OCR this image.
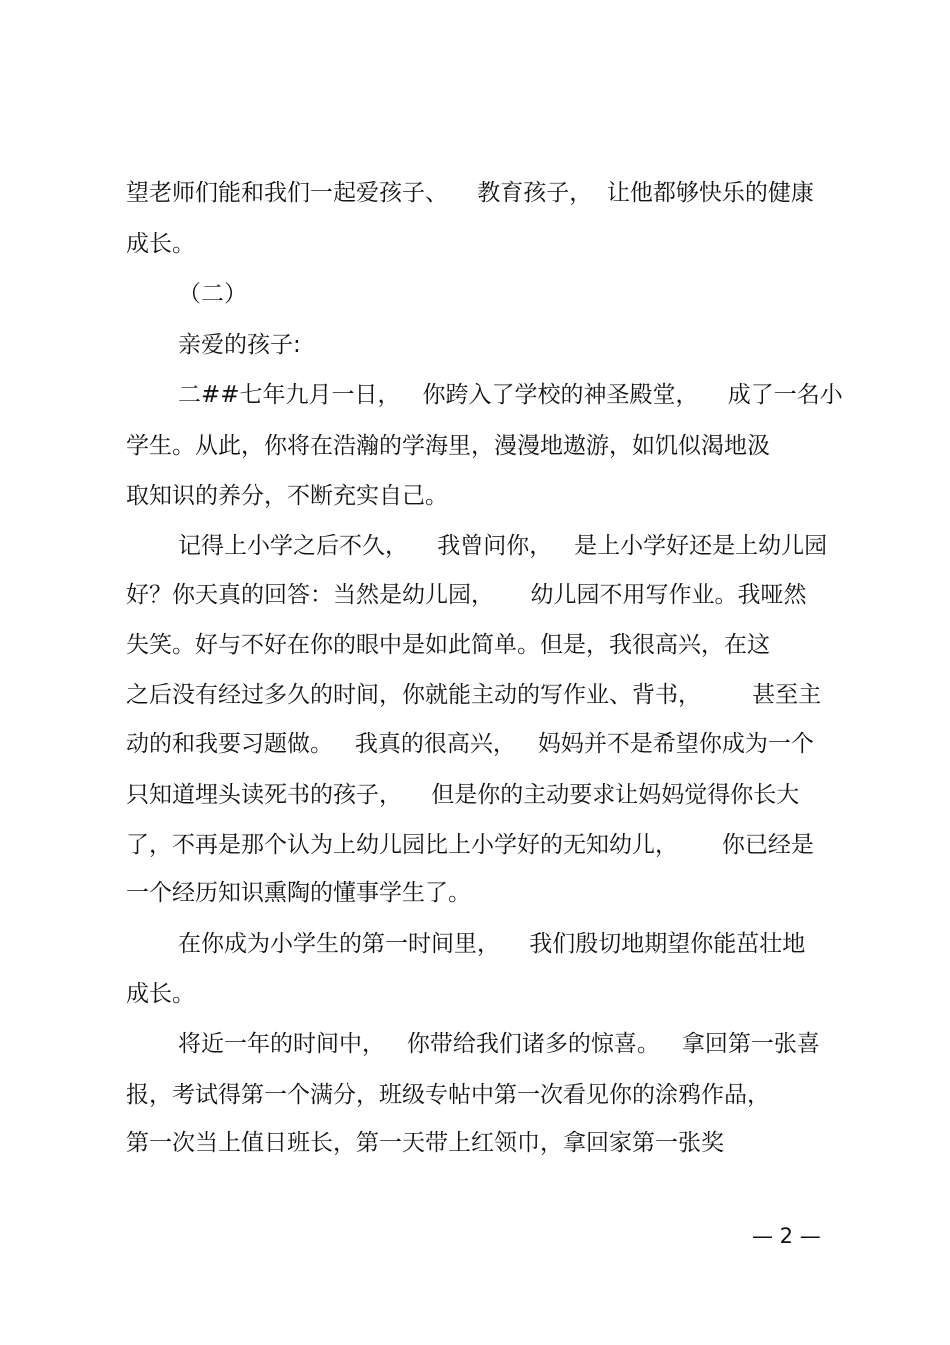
望老师们能和我们一起爱孩子、    教育孩子，  让他都够快乐的健康
成长。
（二）
亲爱的孩子:
二##七年九月一日，   你跨入了学校的神圣殿堂，    成了一名小
学生。从此，你将在浩瀚的学海里，漫漫地遨游，如饥似渴地汲
取知识的养分，不断充实自己。
记得上小学之后不久，    我曾问你，   是上小学好还是上幼儿园
好？你天真的回答：当然是幼儿园，     幼儿园不用写作业。我哑然
失笑。好与不好在你的眼中是如此简单。但是，我很高兴，在这
之后没有经过多久的时间，你就能主动的写作业、背书，       甚至主
动的和我要习题做。   我真的很高兴，   妈妈并不是希望你成为一个
只知道埋头读死书的孩子，    但是你的主动要求让妈妈觉得你长大
了，不再是那个认为上幼儿园比上小学好的无知幼儿，      你已经是
一个经历知识熏陶的懂事学生了。
在你成为小学生的第一时间里，    我们殷切地期望你能茁壮地
成长。
将近一年的时间中，   你带给我们诸多的惊喜。   拿回第一张喜
报，考试得第一个满分，班级专帖中第一次看见你的涂鸦作品，
第一次当上值日班长，第一天带上红领巾，拿回家第一张奖
— 2 —
